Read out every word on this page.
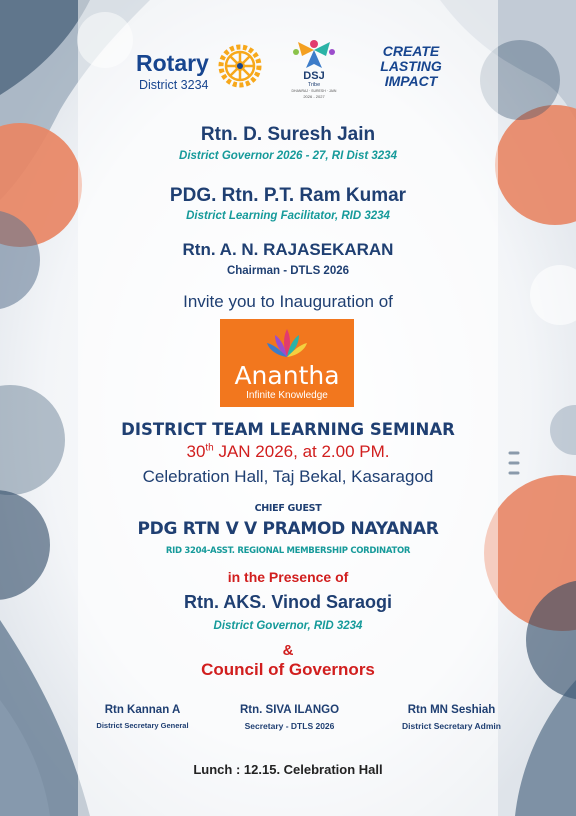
Rotary
District 3234
DSJ
Tribe
DHANRAJ · SURESH · JAIN
2026 - 2027
CREATE
LASTING
IMPACT
Rtn. D. Suresh Jain
District Governor 2026 - 27, RI Dist 3234
PDG. Rtn. P.T. Ram Kumar
District Learning Facilitator, RID 3234
Rtn. A. N. RAJASEKARAN
Chairman - DTLS 2026
Invite you to Inauguration of
Anantha
Infinite Knowledge
DISTRICT TEAM LEARNING SEMINAR
30th JAN 2026, at 2.00 PM.
Celebration Hall, Taj Bekal, Kasaragod
CHIEF GUEST
PDG RTN V V PRAMOD NAYANAR
RID 3204-ASST. REGIONAL MEMBERSHIP CORDINATOR
in the Presence of
Rtn. AKS. Vinod Saraogi
District Governor, RID 3234
&
Council of Governors
Rtn Kannan A
District Secretary General
Rtn. SIVA ILANGO
Secretary - DTLS 2026
Rtn MN Seshiah
District Secretary Admin
Lunch : 12.15. Celebration Hall
